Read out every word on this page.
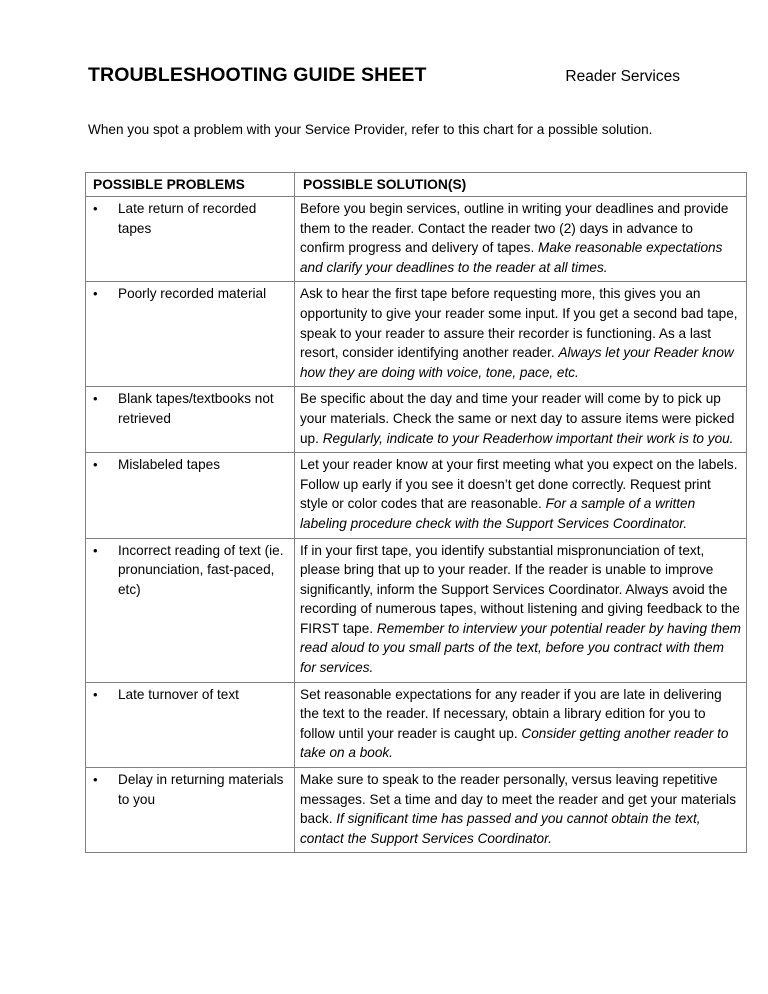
TROUBLESHOOTING GUIDE SHEET	Reader Services
When you spot a problem with your Service Provider, refer to this chart for a possible solution.
POSSIBLE PROBLEMS	POSSIBLE SOLUTION(S)

• Late return of recorded tapes	Before you begin services, outline in writing your deadlines and provide them to the reader. Contact the reader two (2) days in advance to confirm progress and delivery of tapes. Make reasonable expectations and clarify your deadlines to the reader at all times.

• Poorly recorded material	Ask to hear the first tape before requesting more, this gives you an opportunity to give your reader some input. If you get a second bad tape, speak to your reader to assure their recorder is functioning. As a last resort, consider identifying another reader. Always let your Reader know how they are doing with voice, tone, pace, etc.

• Blank tapes/textbooks not retrieved	Be specific about the day and time your reader will come by to pick up your materials. Check the same or next day to assure items were picked up. Regularly, indicate to your Readerhow important their work is to you.

• Mislabeled tapes	Let your reader know at your first meeting what you expect on the labels. Follow up early if you see it doesn’t get done correctly. Request print style or color codes that are reasonable. For a sample of a written labeling procedure check with the Support Services Coordinator.

• Incorrect reading of text (ie. pronunciation, fast-paced, etc)	If in your first tape, you identify substantial mispronunciation of text, please bring that up to your reader. If the reader is unable to improve significantly, inform the Support Services Coordinator. Always avoid the recording of numerous tapes, without listening and giving feedback to the FIRST tape. Remember to interview your potential reader by having them read aloud to you small parts of the text, before you contract with them for services.

• Late turnover of text	Set reasonable expectations for any reader if you are late in delivering the text to the reader. If necessary, obtain a library edition for you to follow until your reader is caught up. Consider getting another reader to take on a book.

• Delay in returning materials to you	Make sure to speak to the reader personally, versus leaving repetitive messages. Set a time and day to meet the reader and get your materials back. If significant time has passed and you cannot obtain the text, contact the Support Services Coordinator.
